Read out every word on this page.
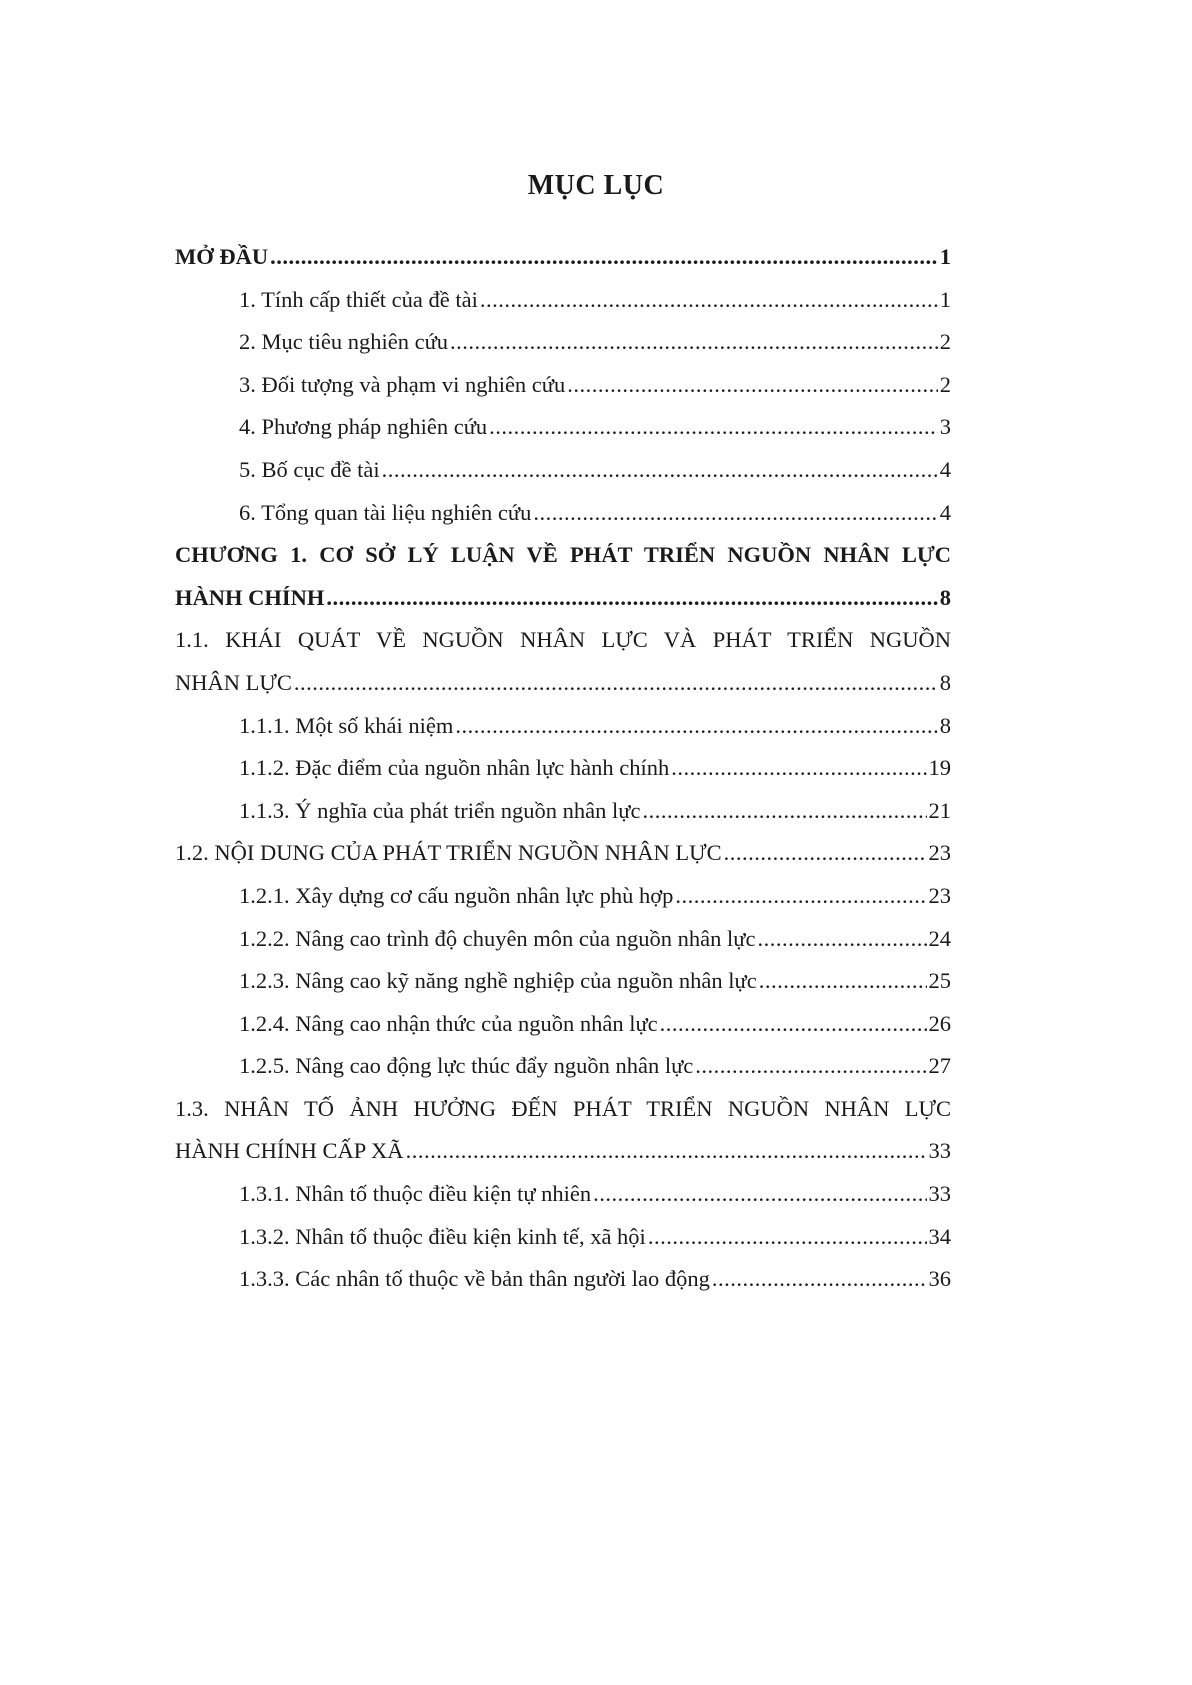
MỤC LỤC
MỞ ĐẦU .....	1
1. Tính cấp thiết của đề tài .....	1
2. Mục tiêu nghiên cứu .....	2
3. Đối tượng và phạm vi nghiên cứu .....	2
4. Phương pháp nghiên cứu .....	3
5. Bố cục đề tài .....	4
6. Tổng quan tài liệu nghiên cứu .....	4
CHƯƠNG 1. CƠ SỞ LÝ LUẬN VỀ PHÁT TRIỂN NGUỒN NHÂN LỰC
HÀNH CHÍNH .....	8
1.1. KHÁI QUÁT VỀ NGUỒN NHÂN LỰC VÀ PHÁT TRIỂN NGUỒN
NHÂN LỰC .....	8
1.1.1. Một số khái niệm .....	8
1.1.2. Đặc điểm của nguồn nhân lực hành chính .....	19
1.1.3. Ý nghĩa của phát triển nguồn nhân lực .....	21
1.2. NỘI DUNG CỦA PHÁT TRIỂN NGUỒN NHÂN LỰC .....	23
1.2.1. Xây dựng cơ cấu nguồn nhân lực phù hợp .....	23
1.2.2. Nâng cao trình độ chuyên môn của nguồn nhân lực .....	24
1.2.3. Nâng cao kỹ năng nghề nghiệp của nguồn nhân lực .....	25
1.2.4. Nâng cao nhận thức của nguồn nhân lực .....	26
1.2.5. Nâng cao động lực thúc đẩy nguồn nhân lực .....	27
1.3. NHÂN TỐ ẢNH HƯỞNG ĐẾN PHÁT TRIỂN NGUỒN NHÂN LỰC
HÀNH CHÍNH CẤP XÃ .....	33
1.3.1. Nhân tố thuộc điều kiện tự nhiên .....	33
1.3.2. Nhân tố thuộc điều kiện kinh tế, xã hội .....	34
1.3.3. Các nhân tố thuộc về bản thân người lao động .....	36
